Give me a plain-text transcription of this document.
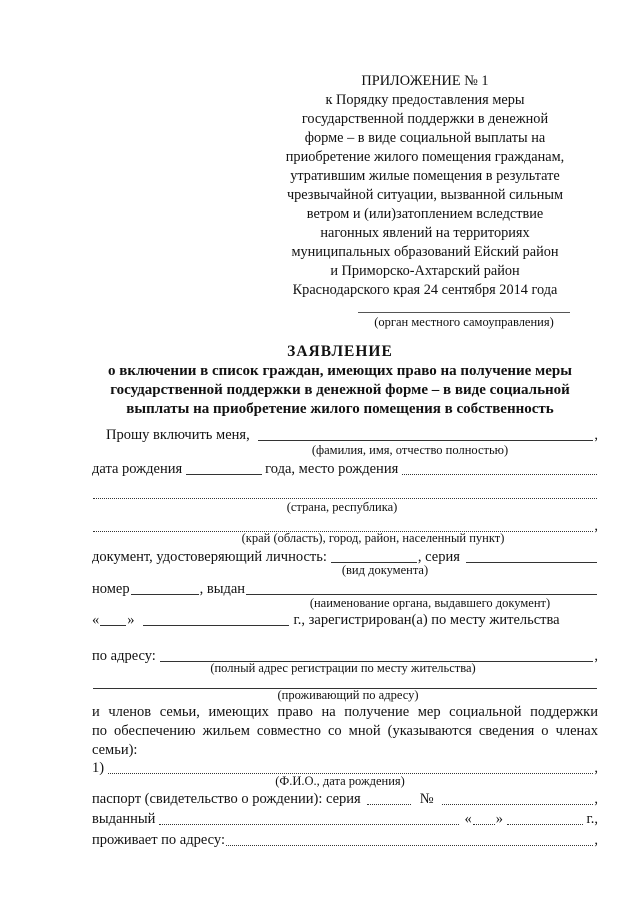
ПРИЛОЖЕНИЕ № 1
к Порядку предоставления меры
государственной поддержки в денежной
форме – в виде социальной выплаты на
приобретение жилого помещения гражданам,
утратившим жилые помещения в результате
чрезвычайной ситуации, вызванной сильным
ветром и (или)затоплением вследствие
нагонных явлений на территориях
муниципальных образований Ейский район
и Приморско-Ахтарский район
Краснодарского края 24 сентября 2014 года
(орган местного самоуправления)
ЗАЯВЛЕНИЕ
о включении в список граждан, имеющих право на получение меры
государственной поддержки в денежной форме – в виде социальной
выплаты на приобретение жилого помещения в собственность
Прошу включить меня,	,
(фамилия, имя, отчество полностью)
дата рождения	года, место рождения
(страна, республика)
,
(край (область), город, район, населенный пункт)
документ, удостоверяющий личность:	, серия
(вид документа)
номер	, выдан
(наименование органа, выдавшего документ)
« »	г., зарегистрирован(а) по месту жительства
по адресу:	,
(полный адрес регистрации по месту жительства)
(проживающий по адресу)
и членов семьи, имеющих право на получение мер социальной поддержки
по обеспечению жильем совместно со мной (указываются сведения о членах
семьи):
1)	,
(Ф.И.О., дата рождения)
паспорт (свидетельство о рождении): серия	№	,
выданный	« »	г.,
проживает по адресу:	,
